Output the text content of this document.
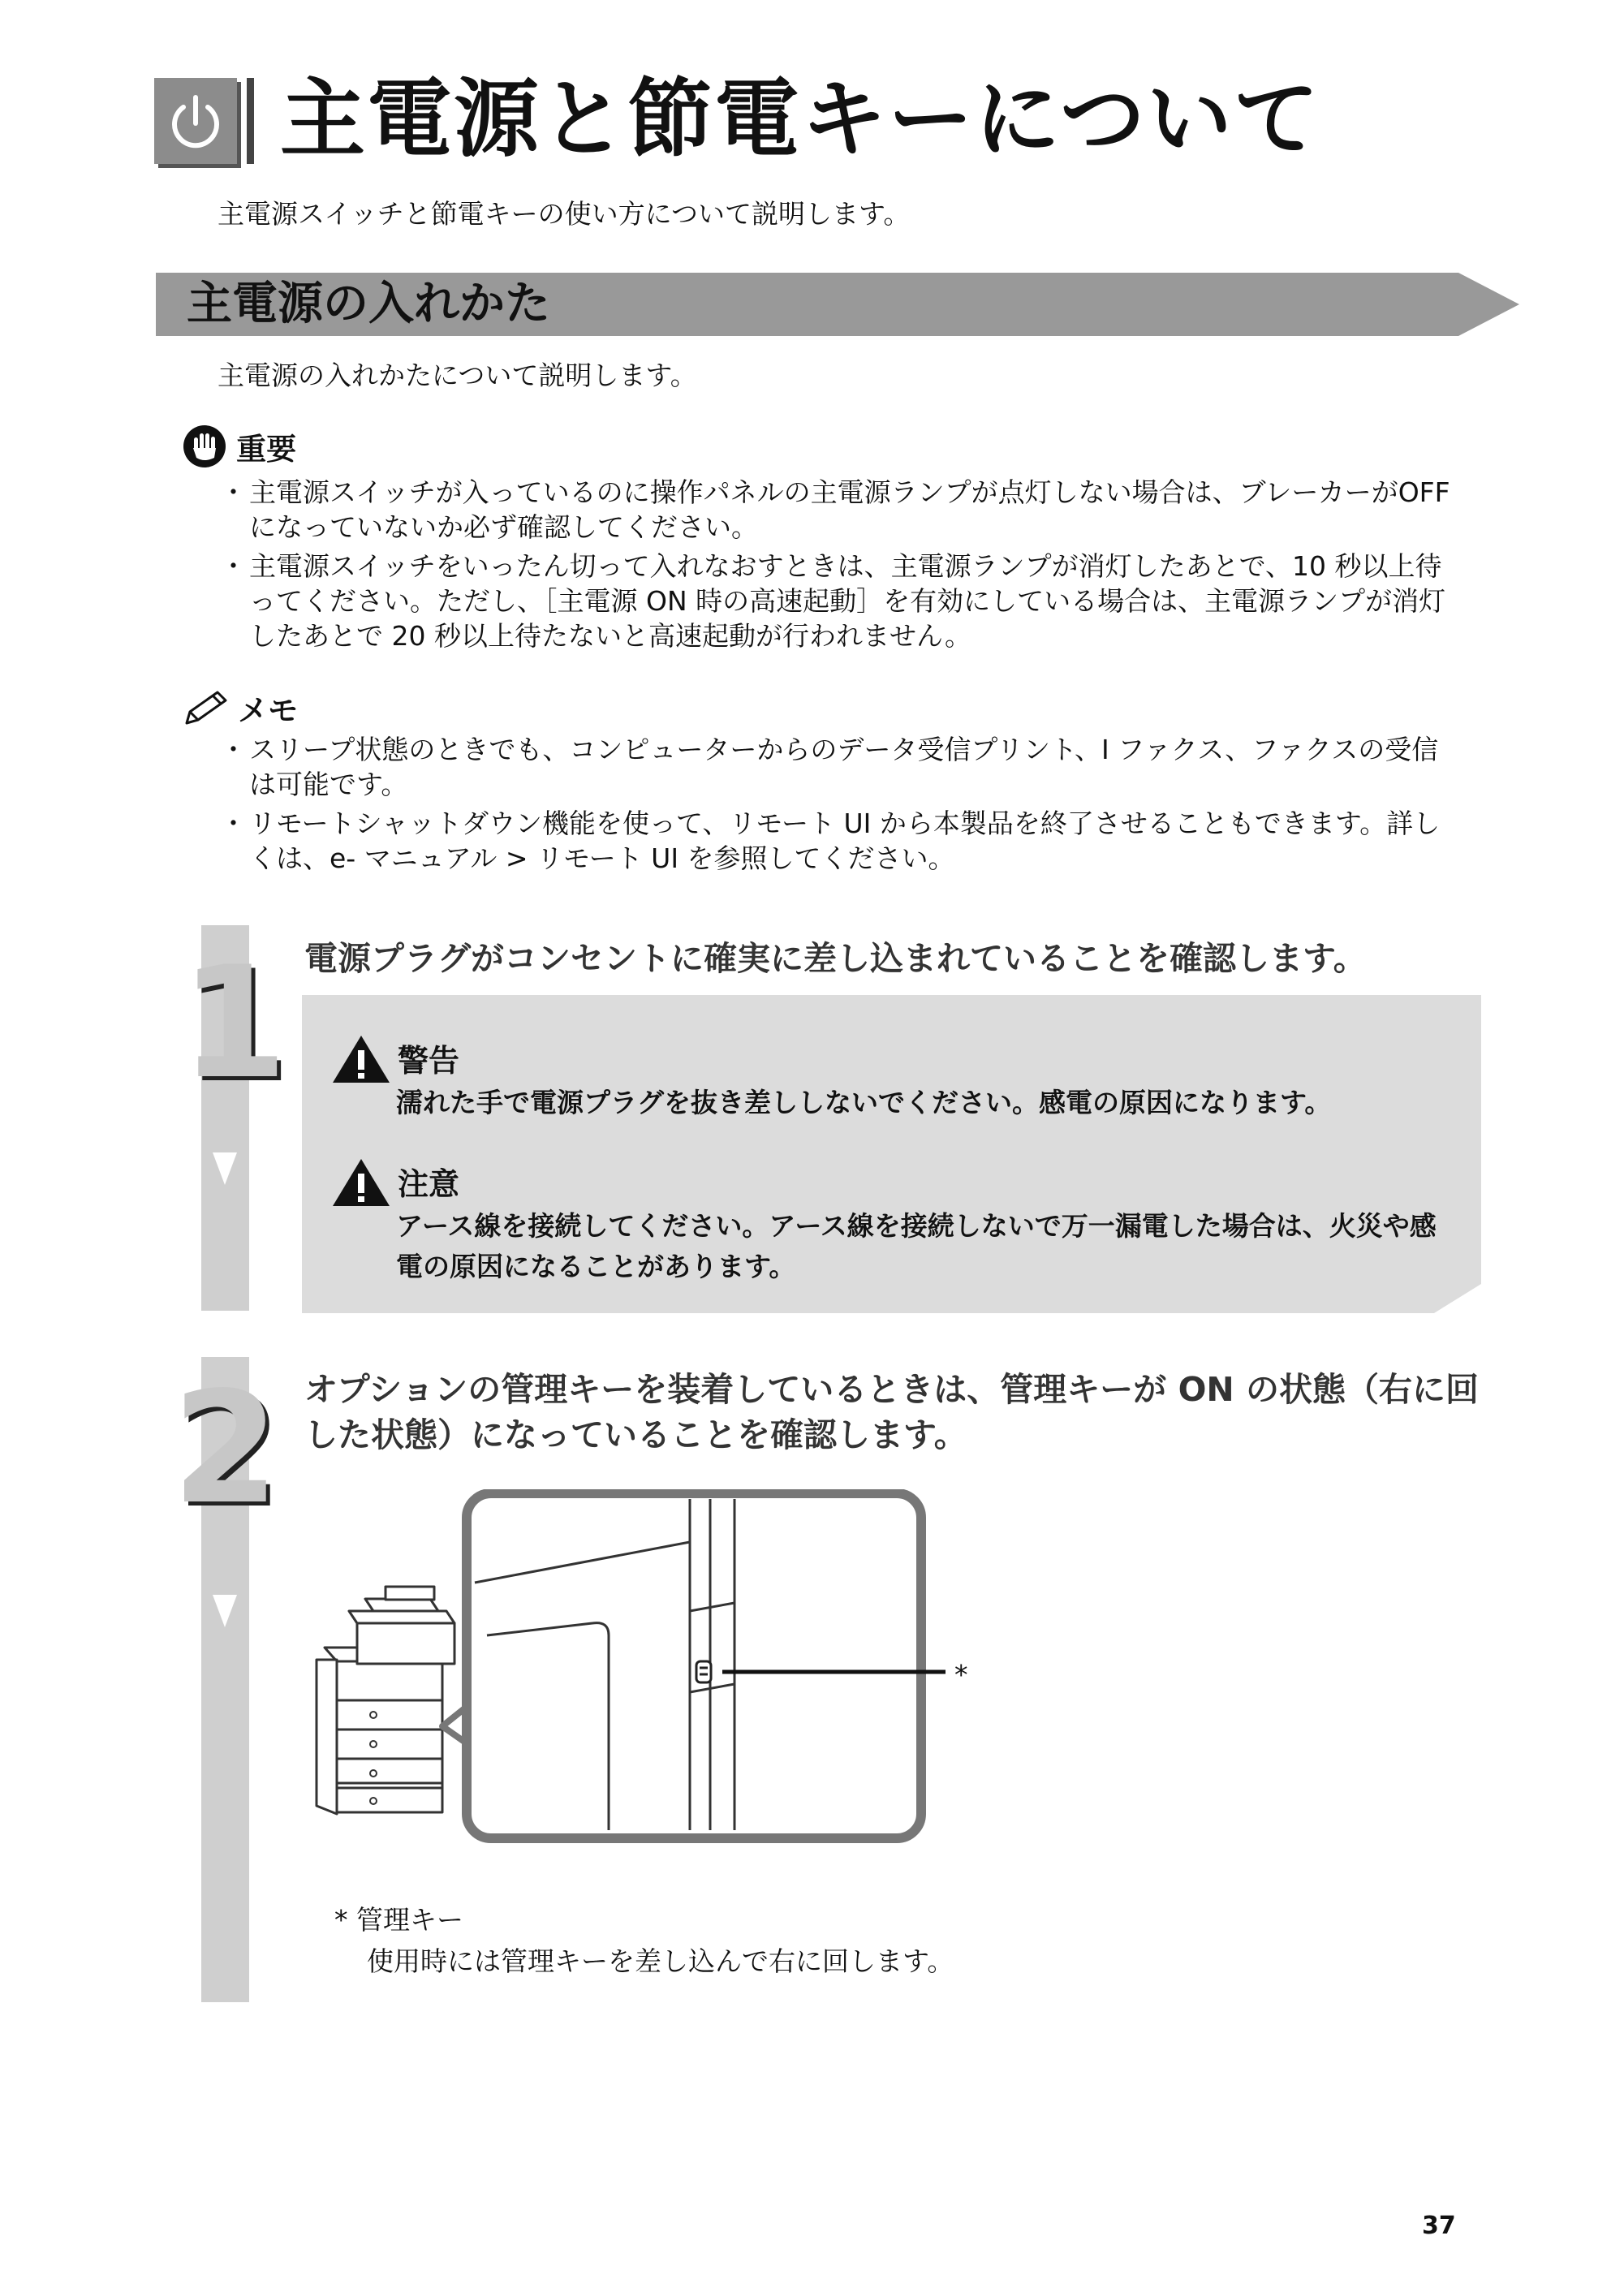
主電源と節電キーについて
主電源スイッチと節電キーの使い方について説明します。
主電源の入れかた
主電源の入れかたについて説明します。
重要
・ 主電源スイッチが入っているのに操作パネルの主電源ランプが点灯しない場合は、ブレーカーがOFF になっていないか必ず確認してください。
・ 主電源スイッチをいったん切って入れなおすときは、主電源ランプが消灯したあとで、10 秒以上待ってください。ただし、［主電源 ON 時の高速起動］を有効にしている場合は、主電源ランプが消灯したあとで 20 秒以上待たないと高速起動が行われません。
メモ
・ スリープ状態のときでも、コンピューターからのデータ受信プリント、I ファクス、ファクスの受信は可能です。
・ リモートシャットダウン機能を使って、リモート UI から本製品を終了させることもできます。詳しくは、e- マニュアル > リモート UI を参照してください。
1 電源プラグがコンセントに確実に差し込まれていることを確認します。
警告
濡れた手で電源プラグを抜き差ししないでください。感電の原因になります。
注意
アース線を接続してください。アース線を接続しないで万一漏電した場合は、火災や感電の原因になることがあります。
2 オプションの管理キーを装着しているときは、管理キーが ON の状態（右に回した状態）になっていることを確認します。
*
* 管理キー
使用時には管理キーを差し込んで右に回します。
37
